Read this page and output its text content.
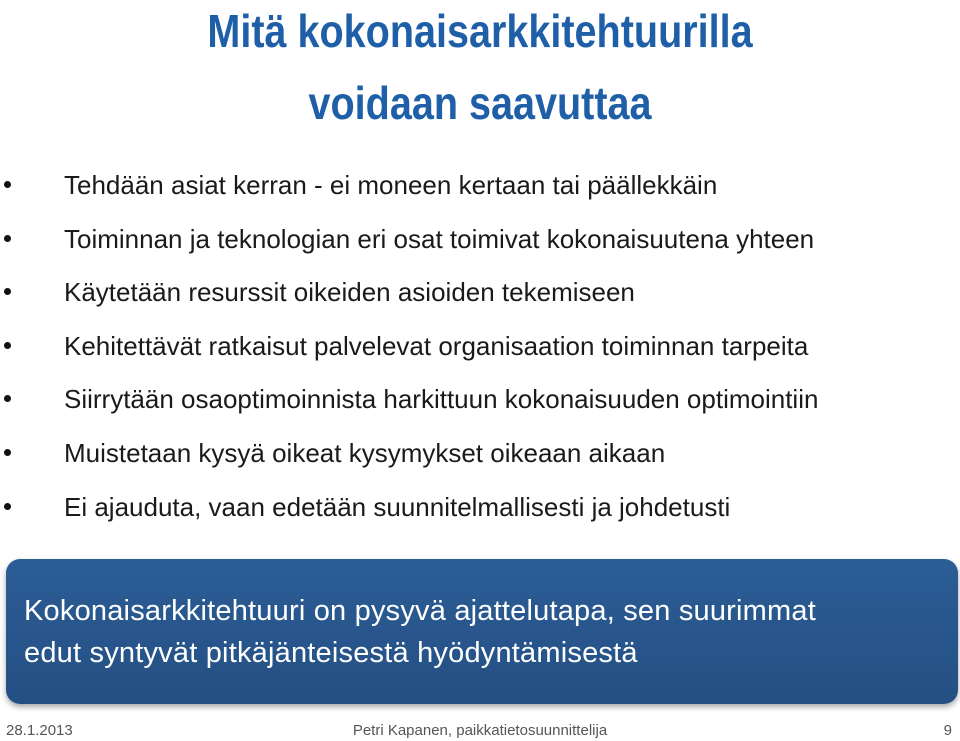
Mitä kokonaisarkkitehtuurilla
voidaan saavuttaa
Tehdään asiat kerran - ei moneen kertaan tai päällekkäin
Toiminnan ja teknologian eri osat toimivat kokonaisuutena yhteen
Käytetään resurssit oikeiden asioiden tekemiseen
Kehitettävät ratkaisut palvelevat organisaation toiminnan tarpeita
Siirrytään osaoptimoinnista harkittuun kokonaisuuden optimointiin
Muistetaan kysyä oikeat kysymykset oikeaan aikaan
Ei ajauduta, vaan edetään suunnitelmallisesti ja johdetusti
Kokonaisarkkitehtuuri on pysyvä ajattelutapa, sen suurimmat
edut syntyvät pitkäjänteisestä hyödyntämisestä
28.1.2013	Petri Kapanen, paikkatietosuunnittelija	9
